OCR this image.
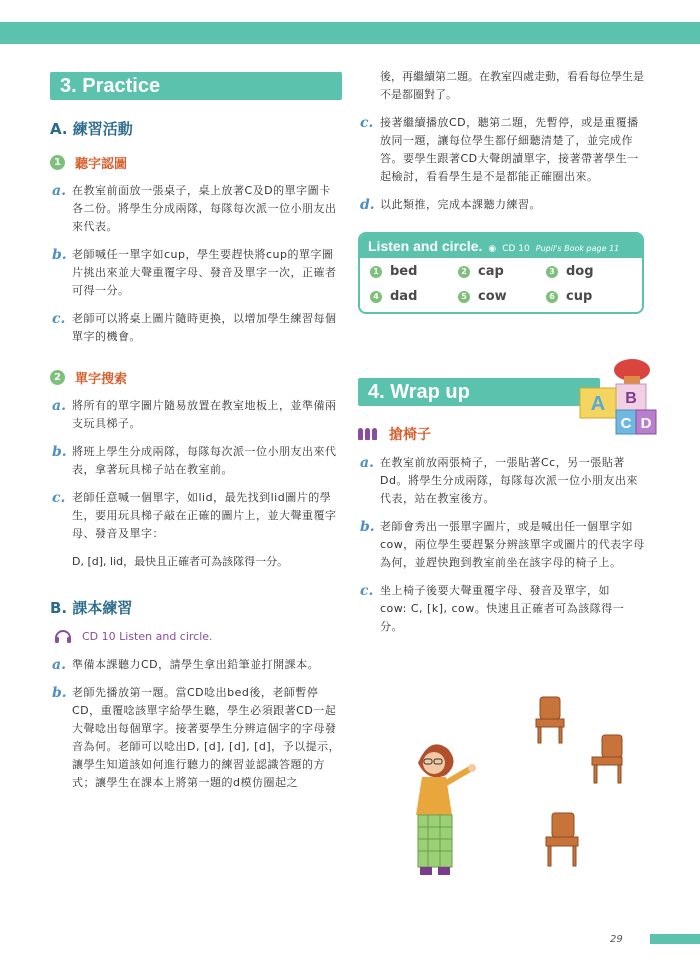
3. Practice
A. 練習活動
1	聽字認圖
a. 在教室前面放一張桌子，桌上放著C及D的單字圖卡各二份。將學生分成兩隊，每隊每次派一位小朋友出來代表。
b. 老師喊任一單字如cup，學生要趕快將cup的單字圖片挑出來並大聲重覆字母、發音及單字一次，正確者可得一分。
c. 老師可以將桌上圖片隨時更換，以增加學生練習每個單字的機會。
2	單字搜索
a. 將所有的單字圖片隨易放置在教室地板上，並準備兩支玩具梯子。
b. 將班上學生分成兩隊，每隊每次派一位小朋友出來代表，拿著玩具梯子站在教室前。
c. 老師任意喊一個單字，如lid，最先找到lid圖片的學生，要用玩具梯子敲在正確的圖片上，並大聲重覆字母、發音及單字：
D, [d], lid，最快且正確者可為該隊得一分。
B. 課本練習
CD 10 Listen and circle.
a. 準備本課聽力CD，請學生拿出鉛筆並打開課本。
b. 老師先播放第一題。當CD唸出bed後，老師暫停CD，重覆唸該單字給學生聽，學生必須跟著CD一起大聲唸出每個單字。接著要學生分辨這個字的字母發音為何。老師可以唸出D, [d], [d], [d]，予以提示，讓學生知道該如何進行聽力的練習並認識答題的方式；讓學生在課本上將第一題的d模仿圈起之
後，再繼續第二題。在教室四處走動，看看每位學生是不是都圈對了。
c. 接著繼續播放CD，聽第二題，先暫停，或是重覆播放同一題，讓每位學生都仔細聽清楚了，並完成作答。要學生跟著CD大聲朗讀單字，接著帶著學生一起檢討，看看學生是不是都能正確圈出來。
d. 以此類推，完成本課聽力練習。
Listen and circle. ◉ CD 10 Pupil's Book page 11
1 bed	2 cap	3 dog
4 dad	5 cow	6 cup
4. Wrap up
搶椅子
a. 在教室前放兩張椅子，一張貼著Cc，另一張貼著Dd。將學生分成兩隊，每隊每次派一位小朋友出來代表，站在教室後方。
b. 老師會秀出一張單字圖片，或是喊出任一個單字如cow，兩位學生要趕緊分辨該單字或圖片的代表字母為何，並趕快跑到教室前坐在該字母的椅子上。
c. 坐上椅子後要大聲重覆字母、發音及單字，如cow: C, [k], cow。快速且正確者可為該隊得一分。
B
A
C D
29
